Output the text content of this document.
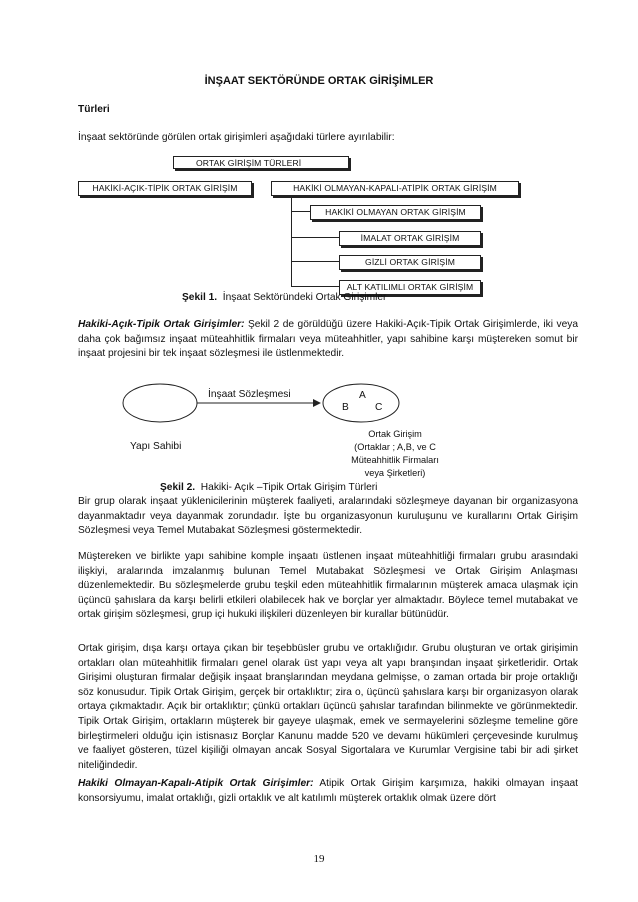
İNŞAAT SEKTÖRÜNDE ORTAK GİRİŞİMLER
Türleri
İnşaat sektöründe görülen ortak girişimleri aşağıdaki türlere ayırılabilir:
ORTAK GİRİŞİM TÜRLERİ
HAKİKİ-AÇIK-TİPİK ORTAK GİRİŞİM	HAKİKİ OLMAYAN-KAPALI-ATİPİK ORTAK GİRİŞİM
HAKİKİ OLMAYAN ORTAK GİRİŞİM
İMALAT ORTAK GİRİŞİM
GİZLİ ORTAK GİRİŞİM
ALT KATILIMLI ORTAK GİRİŞİM
Şekil 1. İnşaat Sektöründeki Ortak Girişimler
Hakiki-Açık-Tipik Ortak Girişimler: Şekil 2 de görüldüğü üzere Hakiki-Açık-Tipik Ortak Girişimlerde, iki veya daha çok bağımsız inşaat müteahhitlik firmaları veya müteahhitler, yapı sahibine karşı müştereken somut bir inşaat projesini bir tek inşaat sözleşmesi ile üstlenmektedir.
İnşaat Sözleşmesi	A
B	C
Yapı Sahibi
Ortak Girişim
(Ortaklar ; A,B, ve C
Müteahhitlik Firmaları
veya Şirketleri)
Şekil 2. Hakiki- Açık –Tipik Ortak Girişim Türleri
Bir grup olarak inşaat yüklenicilerinin müşterek faaliyeti, aralarındaki sözleşmeye dayanan bir organizasyona dayanmaktadır veya dayanmak zorundadır. İşte bu organizasyonun kuruluşunu ve kurallarını Ortak Girişim Sözleşmesi veya Temel Mutabakat Sözleşmesi göstermektedir.
Müştereken ve birlikte yapı sahibine komple inşaatı üstlenen inşaat müteahhitliği firmaları grubu arasındaki ilişkiyi, aralarında imzalanmış bulunan Temel Mutabakat Sözleşmesi ve Ortak Girişim Anlaşması düzenlemektedir. Bu sözleşmelerde grubu teşkil eden müteahhitlik firmalarının müşterek amaca ulaşmak için üçüncü şahıslara da karşı belirli etkileri olabilecek hak ve borçlar yer almaktadır. Böylece temel mutabakat ve ortak girişim sözleşmesi, grup içi hukuki ilişkileri düzenleyen bir kurallar bütünüdür.
Ortak girişim, dışa karşı ortaya çıkan bir teşebbüsler grubu ve ortaklığıdır. Grubu oluşturan ve ortak girişimin ortakları olan müteahhitlik firmaları genel olarak üst yapı veya alt yapı branşından inşaat şirketleridir. Ortak Girişimi oluşturan firmalar değişik inşaat branşlarından meydana gelmişse, o zaman ortada bir proje ortaklığı söz konusudur. Tipik Ortak Girişim, gerçek bir ortaklıktır; zira o, üçüncü şahıslara karşı bir organizasyon olarak ortaya çıkmaktadır. Açık bir ortaklıktır; çünkü ortakları üçüncü şahıslar tarafından bilinmekte ve görünmektedir. Tipik Ortak Girişim, ortakların müşterek bir gayeye ulaşmak, emek ve sermayelerini sözleşme temeline göre birleştirmeleri olduğu için istisnasız Borçlar Kanunu madde 520 ve devamı hükümleri çerçevesinde kurulmuş ve faaliyet gösteren, tüzel kişiliği olmayan ancak Sosyal Sigortalara ve Kurumlar Vergisine tabi bir adi şirket niteliğindedir.
Hakiki Olmayan-Kapalı-Atipik Ortak Girişimler: Atipik Ortak Girişim karşımıza, hakiki olmayan inşaat konsorsiyumu, imalat ortaklığı, gizli ortaklık ve alt katılımlı müşterek ortaklık olmak üzere dört
19
